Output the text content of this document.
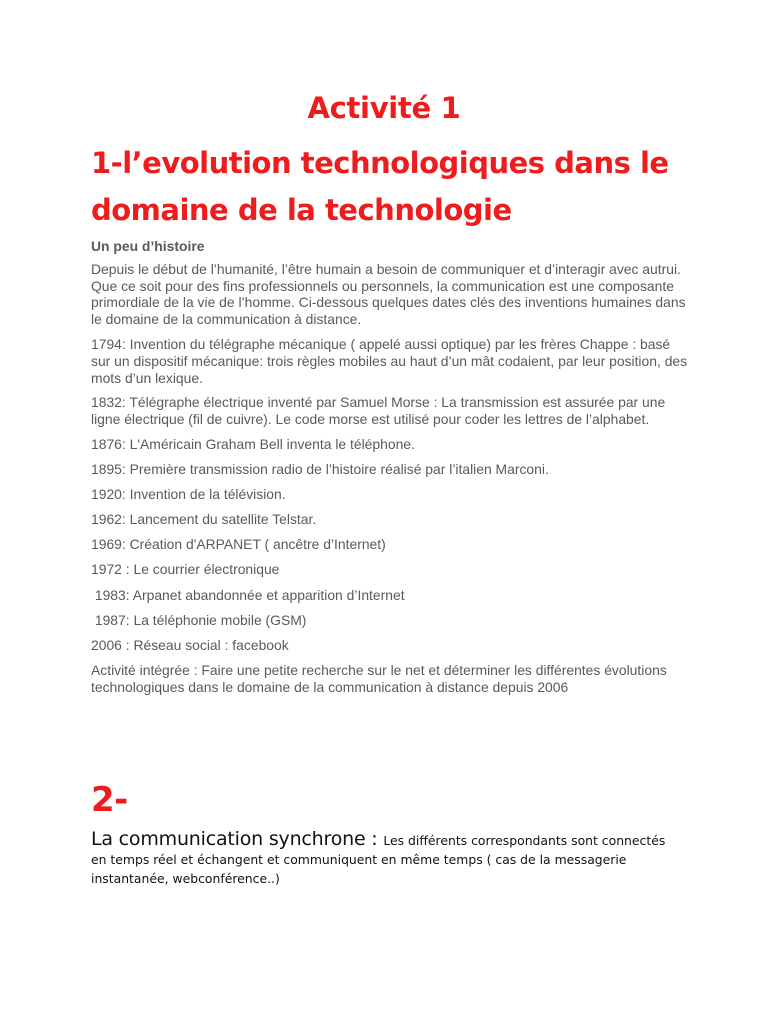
Activité 1
1-l’evolution technologiques dans le domaine de la technologie

Un peu d’histoire

Depuis le début de l’humanité, l’être humain a besoin de communiquer et d’interagir avec autrui. Que ce soit pour des fins professionnels ou personnels, la communication est une composante primordiale de la vie de l’homme. Ci-dessous quelques dates clés des inventions humaines dans le domaine de la communication à distance.

1794: Invention du télégraphe mécanique ( appelé aussi optique) par les frères Chappe : basé sur un dispositif mécanique: trois règles mobiles au haut d’un mât codaient, par leur position, des mots d’un lexique.

1832: Télégraphe électrique inventé par Samuel Morse : La transmission est assurée par une ligne électrique (fil de cuivre). Le code morse est utilisé pour coder les lettres de l’alphabet.

1876: L'Américain Graham Bell inventa le téléphone.

1895: Première transmission radio de l’histoire réalisé par l’italien Marconi.

1920: Invention de la télévision.

1962: Lancement du satellite Telstar.

1969: Création d'ARPANET ( ancêtre d’Internet)

1972 : Le courrier électronique

1983: Arpanet abandonnée et apparition d’Internet

1987: La téléphonie mobile (GSM)

2006 : Réseau social : facebook

Activité intégrée : Faire une petite recherche sur le net et déterminer les différentes évolutions technologiques dans le domaine de la communication à distance depuis 2006

2-
La communication synchrone : Les différents correspondants sont connectés en temps réel et échangent et communiquent en même temps ( cas de la messagerie instantanée, webconférence..)
